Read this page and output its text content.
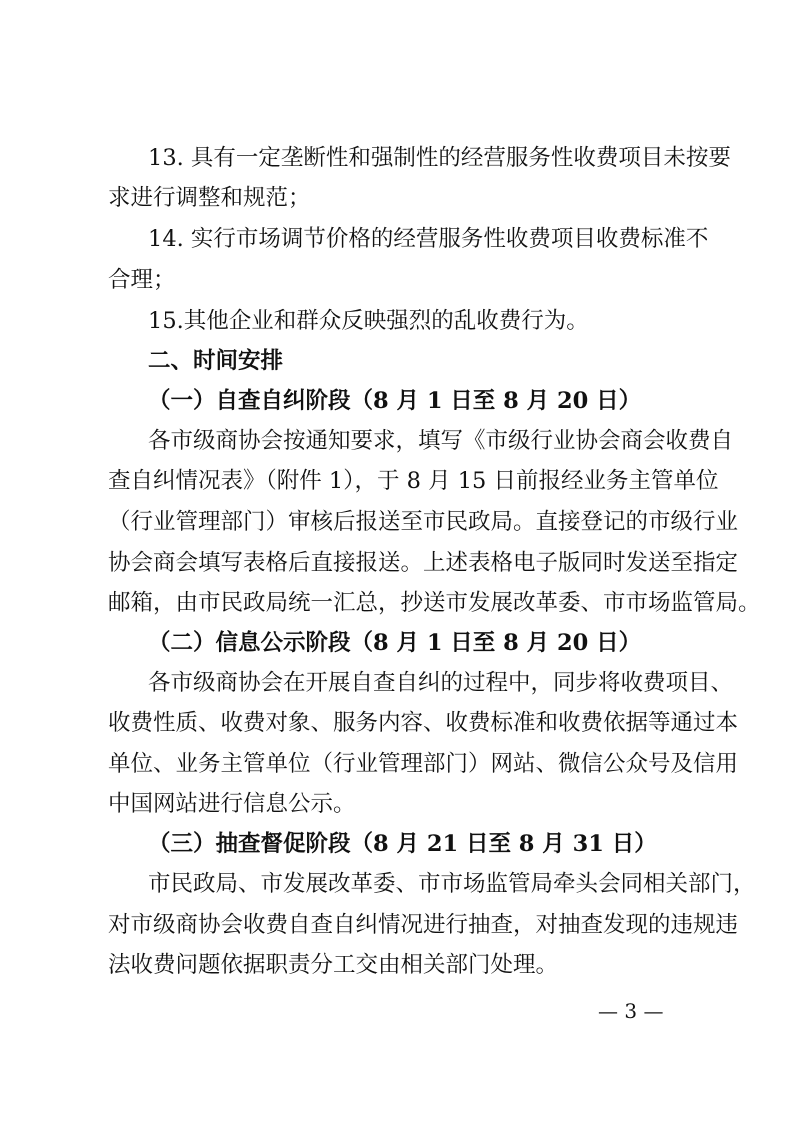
13. 具有一定垄断性和强制性的经营服务性收费项目未按要
求进行调整和规范；
14. 实行市场调节价格的经营服务性收费项目收费标准不
合理；
15.其他企业和群众反映强烈的乱收费行为。
二、时间安排
（一）自查自纠阶段（8 月 1 日至 8 月 20 日）
各市级商协会按通知要求，填写《市级行业协会商会收费自
查自纠情况表》（附件 1），于 8 月 15 日前报经业务主管单位
（行业管理部门）审核后报送至市民政局。直接登记的市级行业
协会商会填写表格后直接报送。上述表格电子版同时发送至指定
邮箱，由市民政局统一汇总，抄送市发展改革委、市市场监管局。
（二）信息公示阶段（8 月 1 日至 8 月 20 日）
各市级商协会在开展自查自纠的过程中，同步将收费项目、
收费性质、收费对象、服务内容、收费标准和收费依据等通过本
单位、业务主管单位（行业管理部门）网站、微信公众号及信用
中国网站进行信息公示。
（三）抽查督促阶段（8 月 21 日至 8 月 31 日）
市民政局、市发展改革委、市市场监管局牵头会同相关部门，
对市级商协会收费自查自纠情况进行抽查，对抽查发现的违规违
法收费问题依据职责分工交由相关部门处理。
— 3 —
